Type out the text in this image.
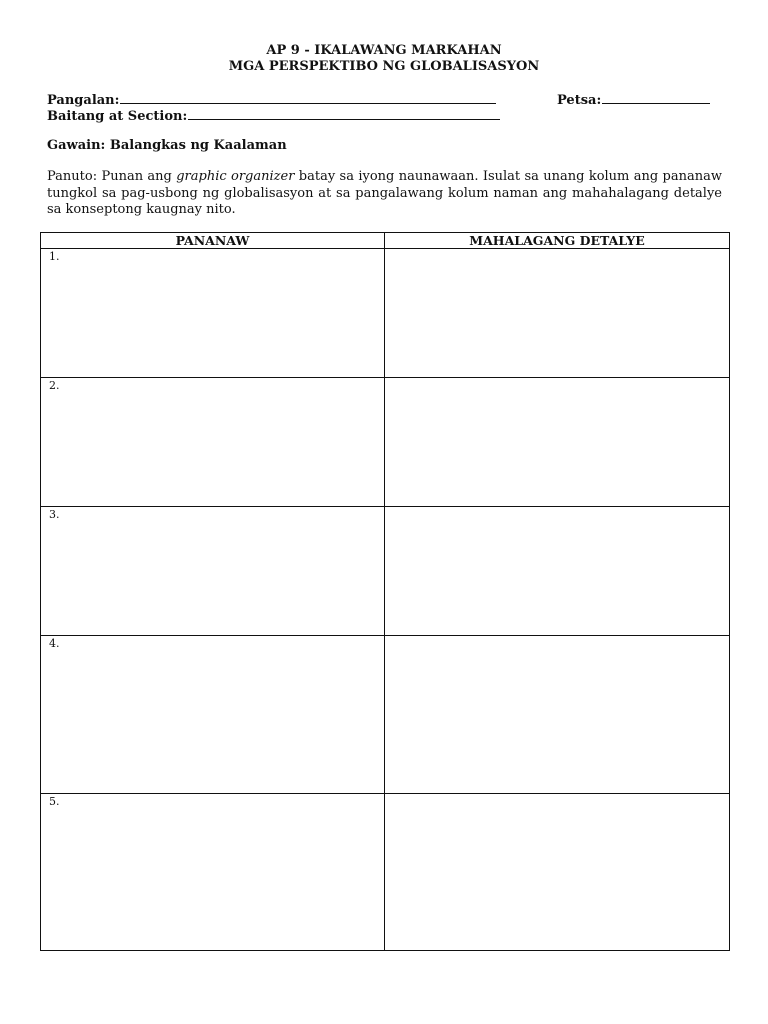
AP 9 - IKALAWANG MARKAHAN
MGA PERSPEKTIBO NG GLOBALISASYON
Pangalan:	Petsa:
Baitang at Section:
Gawain: Balangkas ng Kaalaman
Panuto: Punan ang graphic organizer batay sa iyong naunawaan. Isulat sa unang kolum ang pananaw tungkol sa pag-usbong ng globalisasyon at sa pangalawang kolum naman ang mahahalagang detalye sa konseptong kaugnay nito.
PANANAW	MAHALAGANG DETALYE

1.	

2.	

3.	

4.	

5.	
